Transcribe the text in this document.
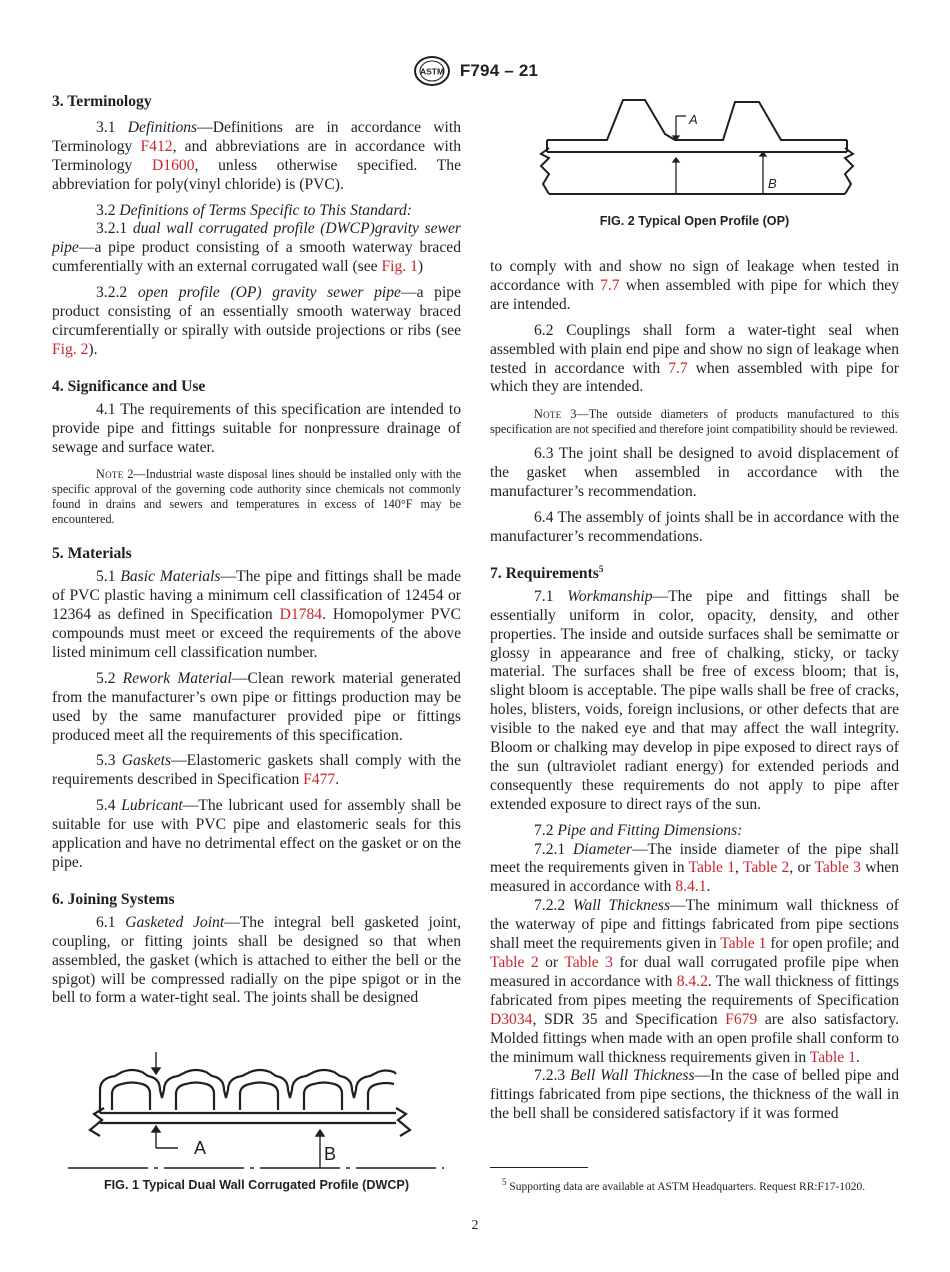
ASTM F794 – 21
3. Terminology

3.1 Definitions—Definitions are in accordance with Terminology F412, and abbreviations are in accordance with Terminology D1600, unless otherwise specified. The abbreviation for poly(vinyl chloride) is (PVC).

3.2 Definitions of Terms Specific to This Standard:

3.2.1 dual wall corrugated profile (DWCP)gravity sewer pipe—a pipe product consisting of a smooth waterway braced cumferentially with an external corrugated wall (see Fig. 1)

3.2.2 open profile (OP) gravity sewer pipe—a pipe product consisting of an essentially smooth waterway braced circumferentially or spirally with outside projections or ribs (see Fig. 2).

4. Significance and Use

4.1 The requirements of this specification are intended to provide pipe and fittings suitable for nonpressure drainage of sewage and surface water.

Note 2—Industrial waste disposal lines should be installed only with the specific approval of the governing code authority since chemicals not commonly found in drains and sewers and temperatures in excess of 140°F may be encountered.

5. Materials

5.1 Basic Materials—The pipe and fittings shall be made of PVC plastic having a minimum cell classification of 12454 or 12364 as defined in Specification D1784. Homopolymer PVC compounds must meet or exceed the requirements of the above listed minimum cell classification number.

5.2 Rework Material—Clean rework material generated from the manufacturer’s own pipe or fittings production may be used by the same manufacturer provided pipe or fittings produced meet all the requirements of this specification.

5.3 Gaskets—Elastomeric gaskets shall comply with the requirements described in Specification F477.

5.4 Lubricant—The lubricant used for assembly shall be suitable for use with PVC pipe and elastomeric seals for this application and have no detrimental effect on the gasket or on the pipe.

6. Joining Systems

6.1 Gasketed Joint—The integral bell gasketed joint, coupling, or fitting joints shall be designed so that when assembled, the gasket (which is attached to either the bell or the spigot) will be compressed radially on the pipe spigot or in the bell to form a water-tight seal. The joints shall be designed

A	B
FIG. 1 Typical Dual Wall Corrugated Profile (DWCP)
A
B
FIG. 2 Typical Open Profile (OP)

to comply with and show no sign of leakage when tested in accordance with 7.7 when assembled with pipe for which they are intended.

6.2 Couplings shall form a water-tight seal when assembled with plain end pipe and show no sign of leakage when tested in accordance with 7.7 when assembled with pipe for which they are intended.

Note 3—The outside diameters of products manufactured to this specification are not specified and therefore joint compatibility should be reviewed.

6.3 The joint shall be designed to avoid displacement of the gasket when assembled in accordance with the manufacturer’s recommendation.

6.4 The assembly of joints shall be in accordance with the manufacturer’s recommendations.

7. Requirements$^5$

7.1 Workmanship—The pipe and fittings shall be essentially uniform in color, opacity, density, and other properties. The inside and outside surfaces shall be semimatte or glossy in appearance and free of chalking, sticky, or tacky material. The surfaces shall be free of excess bloom; that is, slight bloom is acceptable. The pipe walls shall be free of cracks, holes, blisters, voids, foreign inclusions, or other defects that are visible to the naked eye and that may affect the wall integrity. Bloom or chalking may develop in pipe exposed to direct rays of the sun (ultraviolet radiant energy) for extended periods and consequently these requirements do not apply to pipe after extended exposure to direct rays of the sun.

7.2 Pipe and Fitting Dimensions:

7.2.1 Diameter—The inside diameter of the pipe shall meet the requirements given in Table 1, Table 2, or Table 3 when measured in accordance with 8.4.1.

7.2.2 Wall Thickness—The minimum wall thickness of the waterway of pipe and fittings fabricated from pipe sections shall meet the requirements given in Table 1 for open profile; and Table 2 or Table 3 for dual wall corrugated profile pipe when measured in accordance with 8.4.2. The wall thickness of fittings fabricated from pipes meeting the requirements of Specification D3034, SDR 35 and Specification F679 are also satisfactory. Molded fittings when made with an open profile shall conform to the minimum wall thickness requirements given in Table 1.

7.2.3 Bell Wall Thickness—In the case of belled pipe and fittings fabricated from pipe sections, the thickness of the wall in the bell shall be considered satisfactory if it was formed

$^5$ Supporting data are available at ASTM Headquarters. Request RR:F17-1020.
2
